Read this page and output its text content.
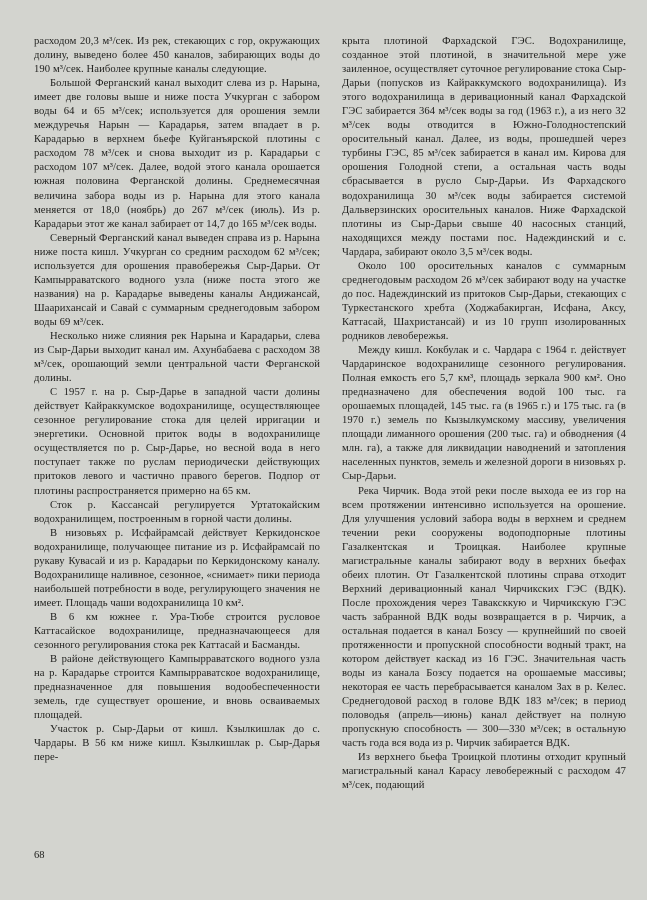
расходом 20,3 м³/сек. Из рек, стекающих с гор, окружающих долину, выведено более 450 каналов, забирающих воды до 190 м³/сек. Наиболее крупные каналы следующие.

Большой Ферганский канал выходит слева из р. Нарына, имеет две головы выше и ниже поста Учкурган с забором воды 64 и 65 м³/сек; используется для орошения земли междуречья Нарын — Карадарья, затем впадает в р. Карадарью в верхнем бьефе Куйганъярской плотины с расходом 78 м³/сек и снова выходит из р. Карадарьи с расходом 107 м³/сек. Далее, водой этого канала орошается южная половина Ферганской долины. Среднемесячная величина забора воды из р. Нарына для этого канала меняется от 18,0 (ноябрь) до 267 м³/сек (июль). Из р. Карадарьи этот же канал забирает от 14,7 до 165 м³/сек воды.

Северный Ферганский канал выведен справа из р. Нарына ниже поста кишл. Учкурган со средним расходом 62 м³/сек; используется для орошения правобережья Сыр-Дарьи. От Кампырраватского водного узла (ниже поста этого же названия) на р. Карадарье выведены каналы Андижансай, Шаарихансай и Савай с суммарным среднегодовым забором воды 69 м³/сек.

Несколько ниже слияния рек Нарына и Карадарьи, слева из Сыр-Дарьи выходит канал им. Ахунбабаева с расходом 38 м³/сек, орошающий земли центральной части Ферганской долины.

С 1957 г. на р. Сыр-Дарье в западной части долины действует Кайраккумское водохранилище, осуществляющее сезонное регулирование стока для целей ирригации и энергетики. Основной приток воды в водохранилище осуществляется по р. Сыр-Дарье, но весной вода в него поступает также по руслам периодически действующих притоков левого и частично правого берегов. Подпор от плотины распространяется примерно на 65 км.

Сток р. Кассансай регулируется Уртатокайским водохранилищем, построенным в горной части долины.

В низовьях р. Исфайрамсай действует Керкидонское водохранилище, получающее питание из р. Исфайрамсай по рукаву Кувасай и из р. Карадарьи по Керкидонскому каналу. Водохранилище наливное, сезонное, «снимает» пики периода наибольшей потребности в воде, регулирующего значения не имеет. Площадь чаши водохранилища 10 км².

В 6 км южнее г. Ура-Тюбе строится русловое Каттасайское водохранилище, предназначающееся для сезонного регулирования стока рек Каттасай и Басманды.

В районе действующего Кампырраватского водного узла на р. Карадарье строится Кампырраватское водохранилище, предназначенное для повышения водообеспеченности земель, где существует орошение, и вновь осваиваемых площадей.

Участок р. Сыр-Дарьи от кишл. Кзылкишлак до с. Чардары. В 56 км ниже кишл. Кзылкишлак р. Сыр-Дарья пере-

крыта плотиной Фархадской ГЭС. Водохранилище, созданное этой плотиной, в значительной мере уже заиленное, осуществляет суточное регулирование стока Сыр-Дарьи (попусков из Кайраккумского водохранилища). Из этого водохранилища в деривационный канал Фархадской ГЭС забирается 364 м³/сек воды за год (1963 г.), а из него 32 м³/сек воды отводится в Южно-Голодностепский оросительный канал. Далее, из воды, прошедшей через турбины ГЭС, 85 м³/сек забирается в канал им. Кирова для орошения Голодной степи, а остальная часть воды сбрасывается в русло Сыр-Дарьи. Из Фархадского водохранилища 30 м³/сек воды забирается системой Дальверзинских оросительных каналов. Ниже Фархадской плотины из Сыр-Дарьи свыше 40 насосных станций, находящихся между постами пос. Надеждинский и с. Чардара, забирают около 3,5 м³/сек воды.

Около 100 оросительных каналов с суммарным среднегодовым расходом 26 м³/сек забирают воду на участке до пос. Надеждинский из притоков Сыр-Дарьи, стекающих с Туркестанского хребта (Ходжабакирган, Исфана, Аксу, Каттасай, Шахристансай) и из 10 групп изолированных родников левобережья.

Между кишл. Кокбулак и с. Чардара с 1964 г. действует Чардаринское водохранилище сезонного регулирования. Полная емкость его 5,7 км³, площадь зеркала 900 км². Оно предназначено для обеспечения водой 100 тыс. га орошаемых площадей, 145 тыс. га (в 1965 г.) и 175 тыс. га (в 1970 г.) земель по Кызылкумскому массиву, увеличения площади лиманного орошения (200 тыс. га) и обводнения (4 млн. га), а также для ликвидации наводнений и затопления населенных пунктов, земель и железной дороги в низовьях р. Сыр-Дарьи.

Река Чирчик. Вода этой реки после выхода ее из гор на всем протяжении интенсивно используется на орошение. Для улучшения условий забора воды в верхнем и среднем течении реки сооружены водоподпорные плотины Газалкентская и Троицкая. Наиболее крупные магистральные каналы забирают воду в верхних бьефах обеих плотин. От Газалкентской плотины справа отходит Верхний деривационный канал Чирчикских ГЭС (ВДК). После прохождения через Таваксккую и Чирчикскую ГЭС часть забранной ВДК воды возвращается в р. Чирчик, а остальная подается в канал Бозсу — крупнейший по своей протяженности и пропускной способности водный тракт, на котором действует каскад из 16 ГЭС. Значительная часть воды из канала Бозсу подается на орошаемые массивы; некоторая ее часть перебрасывается каналом Зах в р. Келес. Среднегодовой расход в голове ВДК 183 м³/сек; в период половодья (апрель—июнь) канал действует на полную пропускную способность — 300—330 м³/сек; в остальную часть года вся вода из р. Чирчик забирается ВДК.

Из верхнего бьефа Троицкой плотины отходит крупный магистральный канал Карасу левобережный с расходом 47 м³/сек, подающий

68
